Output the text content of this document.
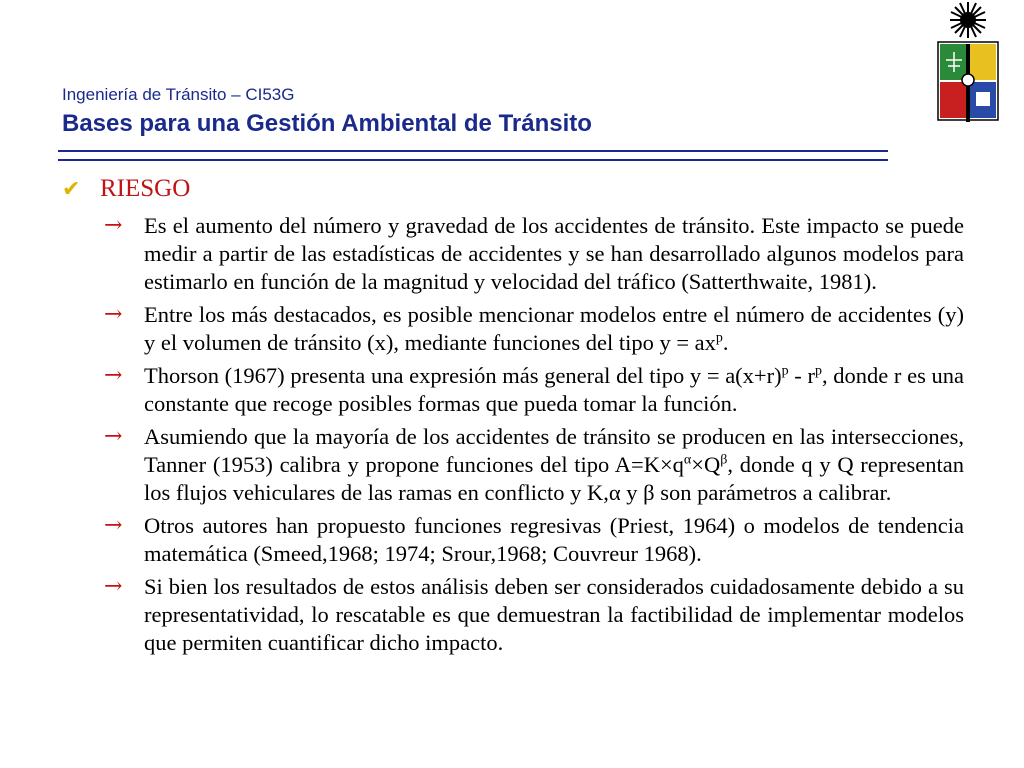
Ingeniería de Tránsito – CI53G
Bases para una Gestión Ambiental de Tránsito
✔ RIESGO
→ Es el aumento del número y gravedad de los accidentes de tránsito. Este impacto se puede medir a partir de las estadísticas de accidentes y se han desarrollado algunos modelos para estimarlo en función de la magnitud y velocidad del tráfico (Satterthwaite, 1981).
→ Entre los más destacados, es posible mencionar modelos entre el número de accidentes (y) y el volumen de tránsito (x), mediante funciones del tipo $y = ax^p$.
→ Thorson (1967) presenta una expresión más general del tipo $y = a(x+r)^p - r^p$, donde r es una constante que recoge posibles formas que pueda tomar la función.
→ Asumiendo que la mayoría de los accidentes de tránsito se producen en las intersecciones, Tanner (1953) calibra y propone funciones del tipo $A=K\times q^\alpha\times Q^\beta$, donde q y Q representan los flujos vehiculares de las ramas en conflicto y K,α y β son parámetros a calibrar.
→ Otros autores han propuesto funciones regresivas (Priest, 1964) o modelos de tendencia matemática (Smeed,1968; 1974; Srour,1968; Couvreur 1968).
→ Si bien los resultados de estos análisis deben ser considerados cuidadosamente debido a su representatividad, lo rescatable es que demuestran la factibilidad de implementar modelos que permiten cuantificar dicho impacto.
